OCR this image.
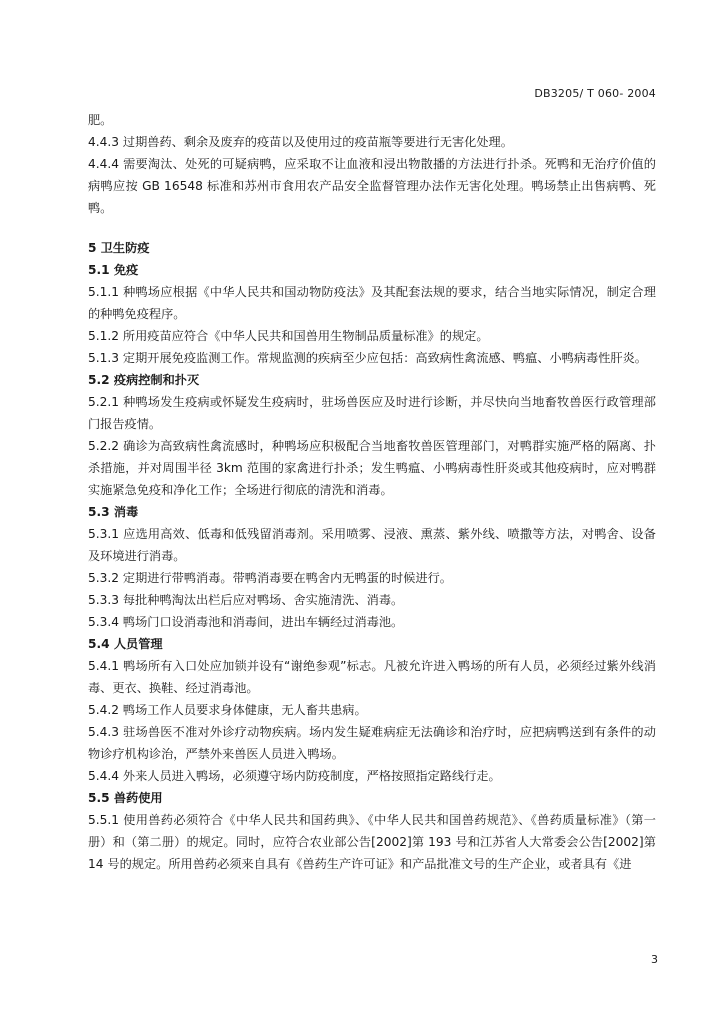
DB3205/ T 060- 2004

肥。

4.4.3 过期兽药、剩余及废弃的疫苗以及使用过的疫苗瓶等要进行无害化处理。

4.4.4 需要淘汰、处死的可疑病鸭，应采取不让血液和浸出物散播的方法进行扑杀。死鸭和无治疗价值的病鸭应按 GB 16548 标准和苏州市食用农产品安全监督管理办法作无害化处理。鸭场禁止出售病鸭、死鸭。

5 卫生防疫

5.1 免疫

5.1.1 种鸭场应根据《中华人民共和国动物防疫法》及其配套法规的要求，结合当地实际情况，制定合理的种鸭免疫程序。

5.1.2 所用疫苗应符合《中华人民共和国兽用生物制品质量标准》的规定。

5.1.3 定期开展免疫监测工作。常规监测的疾病至少应包括：高致病性禽流感、鸭瘟、小鸭病毒性肝炎。

5.2 疫病控制和扑灭

5.2.1 种鸭场发生疫病或怀疑发生疫病时，驻场兽医应及时进行诊断，并尽快向当地畜牧兽医行政管理部门报告疫情。

5.2.2 确诊为高致病性禽流感时，种鸭场应积极配合当地畜牧兽医管理部门，对鸭群实施严格的隔离、扑杀措施，并对周围半径 3km 范围的家禽进行扑杀；发生鸭瘟、小鸭病毒性肝炎或其他疫病时，应对鸭群实施紧急免疫和净化工作；全场进行彻底的清洗和消毒。

5.3 消毒

5.3.1 应选用高效、低毒和低残留消毒剂。采用喷雾、浸液、熏蒸、紫外线、喷撒等方法，对鸭舍、设备及环境进行消毒。

5.3.2 定期进行带鸭消毒。带鸭消毒要在鸭舍内无鸭蛋的时候进行。

5.3.3 每批种鸭淘汰出栏后应对鸭场、舍实施清洗、消毒。

5.3.4 鸭场门口设消毒池和消毒间，进出车辆经过消毒池。

5.4 人员管理

5.4.1 鸭场所有入口处应加锁并设有“谢绝参观”标志。凡被允许进入鸭场的所有人员，必须经过紫外线消毒、更衣、换鞋、经过消毒池。

5.4.2 鸭场工作人员要求身体健康，无人畜共患病。

5.4.3 驻场兽医不准对外诊疗动物疾病。场内发生疑难病症无法确诊和治疗时，应把病鸭送到有条件的动物诊疗机构诊治，严禁外来兽医人员进入鸭场。

5.4.4 外来人员进入鸭场，必须遵守场内防疫制度，严格按照指定路线行走。

5.5 兽药使用

5.5.1 使用兽药必须符合《中华人民共和国药典》、《中华人民共和国兽药规范》、《兽药质量标准》（第一册）和（第二册）的规定。同时，应符合农业部公告[2002]第 193 号和江苏省人大常委会公告[2002]第 14 号的规定。所用兽药必须来自具有《兽药生产许可证》和产品批准文号的生产企业，或者具有《进

3
